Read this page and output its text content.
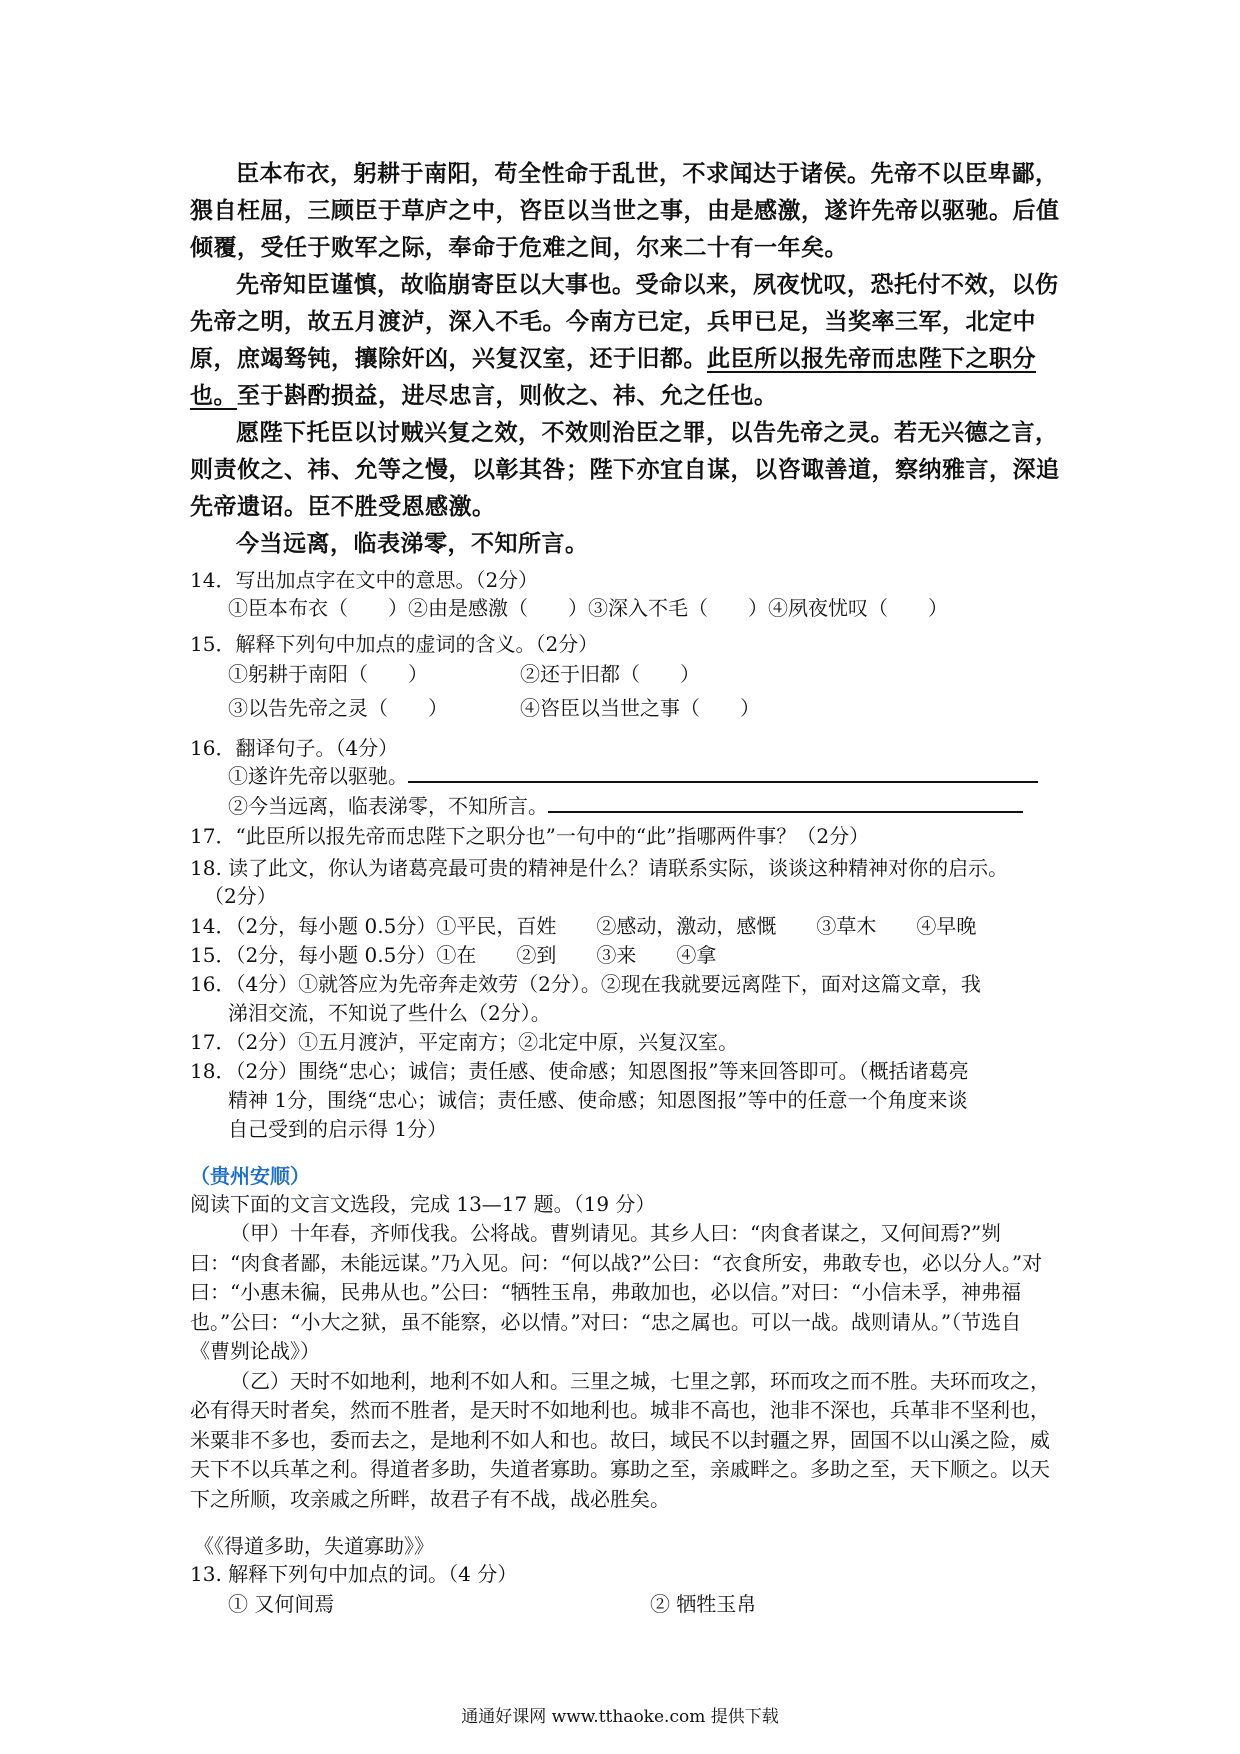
臣本布衣，躬耕于南阳，苟全性命于乱世，不求闻达于诸侯。先帝不以臣卑鄙，猥自枉屈，三顾臣于草庐之中，咨臣以当世之事，由是感激，遂许先帝以驱驰。后值倾覆，受任于败军之际，奉命于危难之间，尔来二十有一年矣。

先帝知臣谨慎，故临崩寄臣以大事也。受命以来，夙夜忧叹，恐托付不效，以伤先帝之明，故五月渡泸，深入不毛。今南方已定，兵甲已足，当奖率三军，北定中原，庶竭驽钝，攘除奸凶，兴复汉室，还于旧都。此臣所以报先帝而忠陛下之职分也。至于斟酌损益，进尽忠言，则攸之、祎、允之任也。

愿陛下托臣以讨贼兴复之效，不效则治臣之罪，以告先帝之灵。若无兴德之言，则责攸之、祎、允等之慢，以彰其咎；陛下亦宜自谋，以咨诹善道，察纳雅言，深追先帝遗诏。臣不胜受恩感激。

今当远离，临表涕零，不知所言。

14．写出加点字在文中的意思。（2分）
①臣本布衣（　　）②由是感激（　　）③深入不毛（　　）④夙夜忧叹（　　）
15．解释下列句中加点的虚词的含义。（2分）
①躬耕于南阳（　　）	②还于旧都（　　）
③以告先帝之灵（　　）	④咨臣以当世之事（　　）
16．翻译句子。（4分）
①遂许先帝以驱驰。
②今当远离，临表涕零，不知所言。
17．“此臣所以报先帝而忠陛下之职分也”一句中的“此”指哪两件事？（2分）
18. 读了此文，你认为诸葛亮最可贵的精神是什么？请联系实际，谈谈这种精神对你的启示。
（2分）
14．（2分，每小题 0.5分）①平民，百姓　　②感动，激动，感慨　　③草木　　④早晚
15．（2分，每小题 0.5分）①在　　②到　　③来　　④拿
16．（4分）①就答应为先帝奔走效劳（2分）。②现在我就要远离陛下，面对这篇文章，我
涕泪交流，不知说了些什么（2分）。
17．（2分）①五月渡泸，平定南方；②北定中原，兴复汉室。
18．（2分）围绕“忠心；诚信；责任感、使命感；知恩图报”等来回答即可。（概括诸葛亮
精神 1分，围绕“忠心；诚信；责任感、使命感；知恩图报”等中的任意一个角度来谈
自己受到的启示得 1分）
（贵州安顺）
阅读下面的文言文选段，完成 13—17 题。（19 分）

（甲）十年春，齐师伐我。公将战。曹刿请见。其乡人曰：“肉食者谋之，又何间焉?”刿曰：“肉食者鄙，未能远谋。”乃入见。问：“何以战?”公曰：“衣食所安，弗敢专也，必以分人。”对曰：“小惠未徧，民弗从也。”公曰：“牺牲玉帛，弗敢加也，必以信。”对曰：“小信未孚，神弗福也。”公曰：“小大之狱，虽不能察，必以情。”对曰：“忠之属也。可以一战。战则请从。”（节选自《曹刿论战》）

（乙）天时不如地利，地利不如人和。三里之城，七里之郭，环而攻之而不胜。夫环而攻之，必有得天时者矣，然而不胜者，是天时不如地利也。城非不高也，池非不深也，兵革非不坚利也，米粟非不多也，委而去之，是地利不如人和也。故曰，域民不以封疆之界，固国不以山溪之险，威天下不以兵革之利。得道者多助，失道者寡助。寡助之至，亲戚畔之。多助之至，天下顺之。以天下之所顺，攻亲戚之所畔，故君子有不战，战必胜矣。

《《得道多助，失道寡助》》
13. 解释下列句中加点的词。（4 分）
① 又何间焉	② 牺牲玉帛
通通好课网 www.tthaoke.com 提供下载
